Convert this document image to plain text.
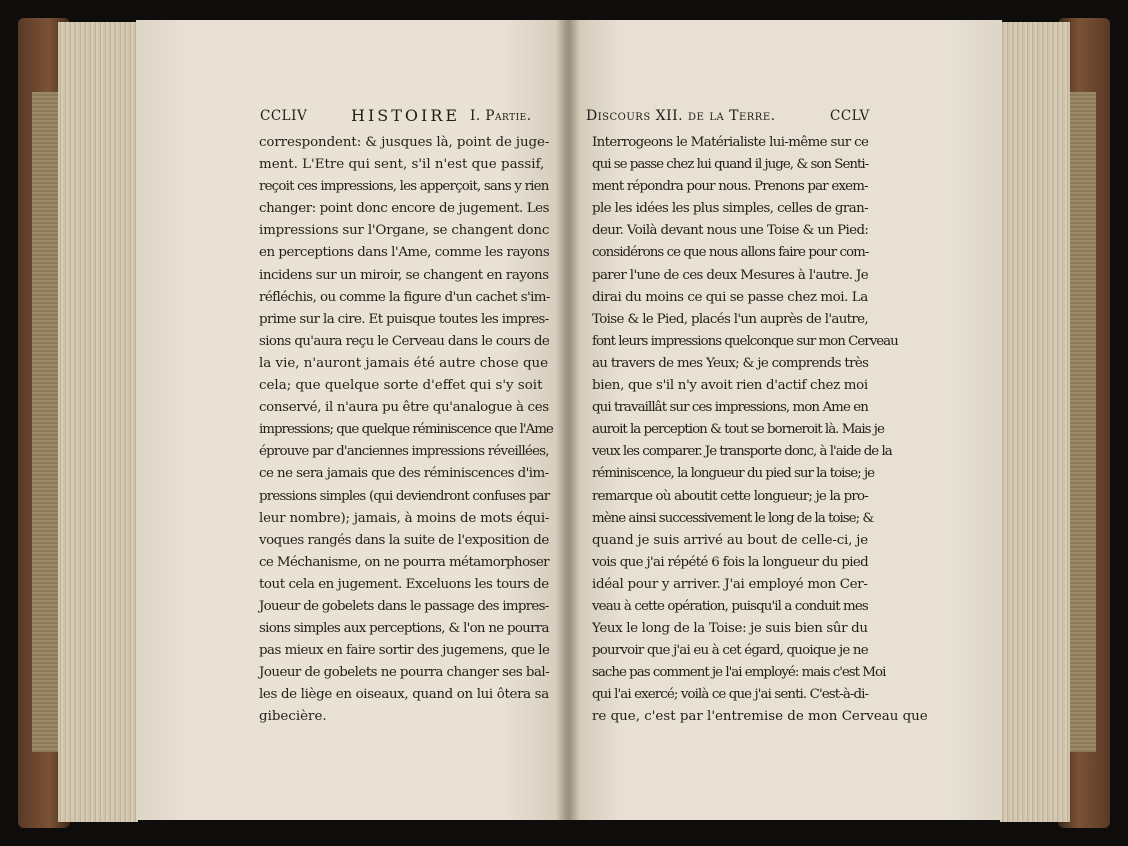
CCLIV	HISTOIRE I. Partie.
correspondent: & jusques là, point de juge-
ment. L'Etre qui sent, s'il n'est que passif,
reçoit ces impressions, les apperçoit, sans y rien
changer: point donc encore de jugement. Les
impressions sur l'Organe, se changent donc
en perceptions dans l'Ame, comme les rayons
incidens sur un miroir, se changent en rayons
réfléchis, ou comme la figure d'un cachet s'im-
prime sur la cire. Et puisque toutes les impres-
sions qu'aura reçu le Cerveau dans le cours de
la vie, n'auront jamais été autre chose que
cela; que quelque sorte d'effet qui s'y soit
conservé, il n'aura pu être qu'analogue à ces
impressions; que quelque réminiscence que l'Ame
éprouve par d'anciennes impressions réveillées,
ce ne sera jamais que des réminiscences d'im-
pressions simples (qui deviendront confuses par
leur nombre); jamais, à moins de mots équi-
voques rangés dans la suite de l'exposition de
ce Méchanisme, on ne pourra métamorphoser
tout cela en jugement. Exceluons les tours de
Joueur de gobelets dans le passage des impres-
sions simples aux perceptions, & l'on ne pourra
pas mieux en faire sortir des jugemens, que le
Joueur de gobelets ne pourra changer ses bal-
les de liège en oiseaux, quand on lui ôtera sa
gibecière.
Discours XII. de la Terre.	CCLV
Interrogeons le Matérialiste lui-même sur ce
qui se passe chez lui quand il juge, & son Senti-
ment répondra pour nous. Prenons par exem-
ple les idées les plus simples, celles de gran-
deur. Voilà devant nous une Toise & un Pied:
considérons ce que nous allons faire pour com-
parer l'une de ces deux Mesures à l'autre. Je
dirai du moins ce qui se passe chez moi. La
Toise & le Pied, placés l'un auprès de l'autre,
font leurs impressions quelconque sur mon Cerveau
au travers de mes Yeux; & je comprends très
bien, que s'il n'y avoit rien d'actif chez moi
qui travaillât sur ces impressions, mon Ame en
auroit la perception & tout se borneroit là. Mais je
veux les comparer. Je transporte donc, à l'aide de la
réminiscence, la longueur du pied sur la toise; je
remarque où aboutit cette longueur; je la pro-
mène ainsi successivement le long de la toise; &
quand je suis arrivé au bout de celle-ci, je
vois que j'ai répété 6 fois la longueur du pied
idéal pour y arriver. J'ai employé mon Cer-
veau à cette opération, puisqu'il a conduit mes
Yeux le long de la Toise: je suis bien sûr du
pourvoir que j'ai eu à cet égard, quoique je ne
sache pas comment je l'ai employé: mais c'est Moi
qui l'ai exercé; voilà ce que j'ai senti. C'est-à-di-
re que, c'est par l'entremise de mon Cerveau que
